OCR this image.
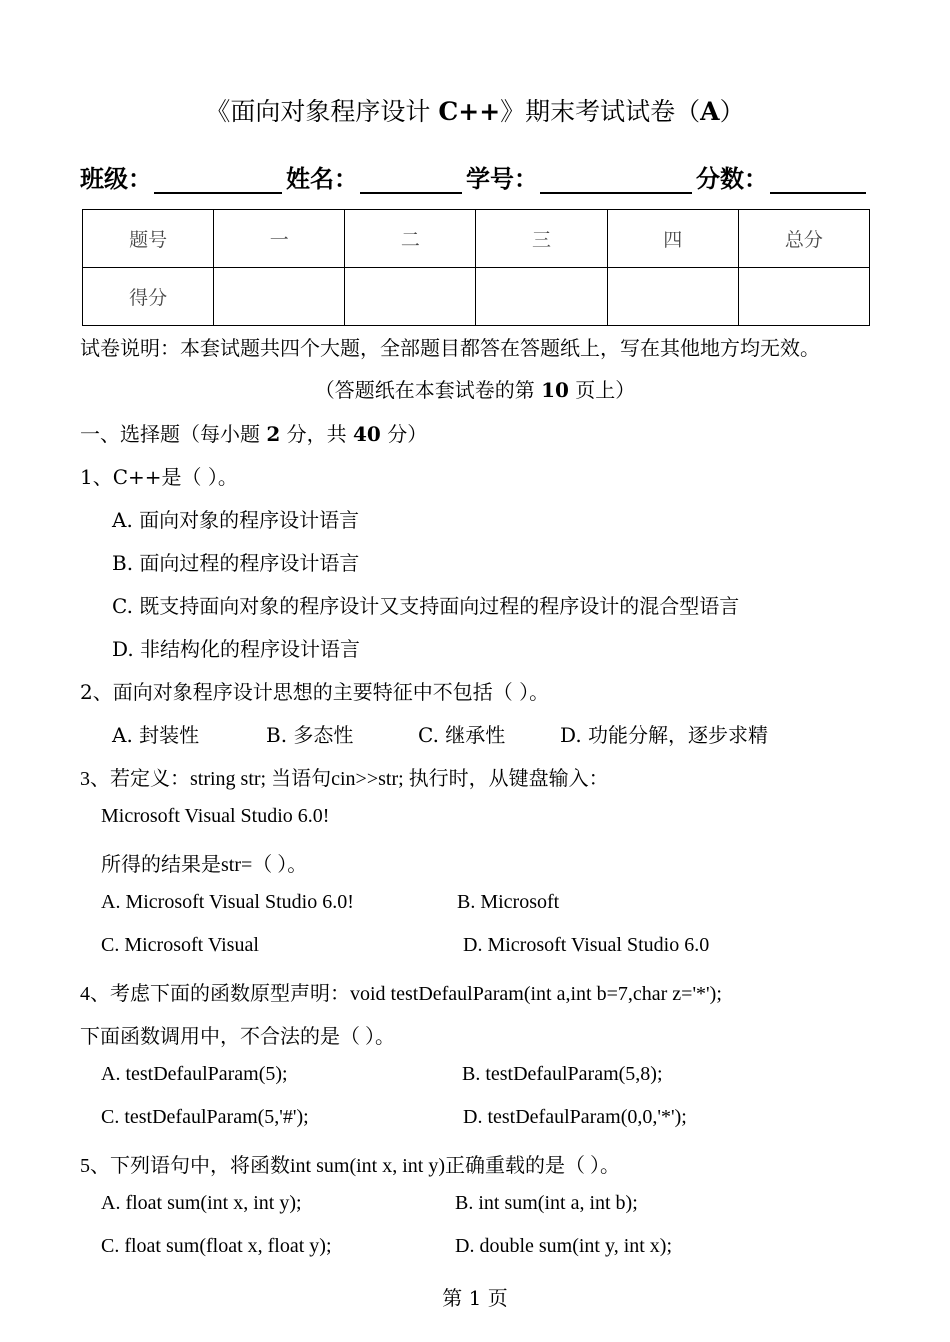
《面向对象程序设计 C++》期末考试试卷（A）
班级：	姓名：	学号：	分数：
题号	一	二	三	四	总分
得分					
试卷说明：本套试题共四个大题，全部题目都答在答题纸上，写在其他地方均无效。
（答题纸在本套试卷的第 10 页上）
一、选择题（每小题 2 分，共 40 分）
1、C++是（ ）。
A. 面向对象的程序设计语言
B. 面向过程的程序设计语言
C. 既支持面向对象的程序设计又支持面向过程的程序设计的混合型语言
D. 非结构化的程序设计语言
2、面向对象程序设计思想的主要特征中不包括（ ）。
A. 封装性	B. 多态性	C. 继承性	D. 功能分解，逐步求精
3、若定义：string str; 当语句cin>>str; 执行时，从键盘输入：
Microsoft Visual Studio 6.0!
所得的结果是str=（ ）。
A. Microsoft Visual Studio 6.0!	B. Microsoft
C. Microsoft Visual	D. Microsoft Visual Studio 6.0
4、考虑下面的函数原型声明：void testDefaulParam(int a,int b=7,char z='*');
下面函数调用中，不合法的是（ ）。
A. testDefaulParam(5);	B. testDefaulParam(5,8);
C. testDefaulParam(5,'#');	D. testDefaulParam(0,0,'*');
5、下列语句中，将函数int sum(int x, int y)正确重载的是（ ）。
A. float sum(int x, int y);	B. int sum(int a, int b);
C. float sum(float x, float y);	D. double sum(int y, int x);
第 1 页
